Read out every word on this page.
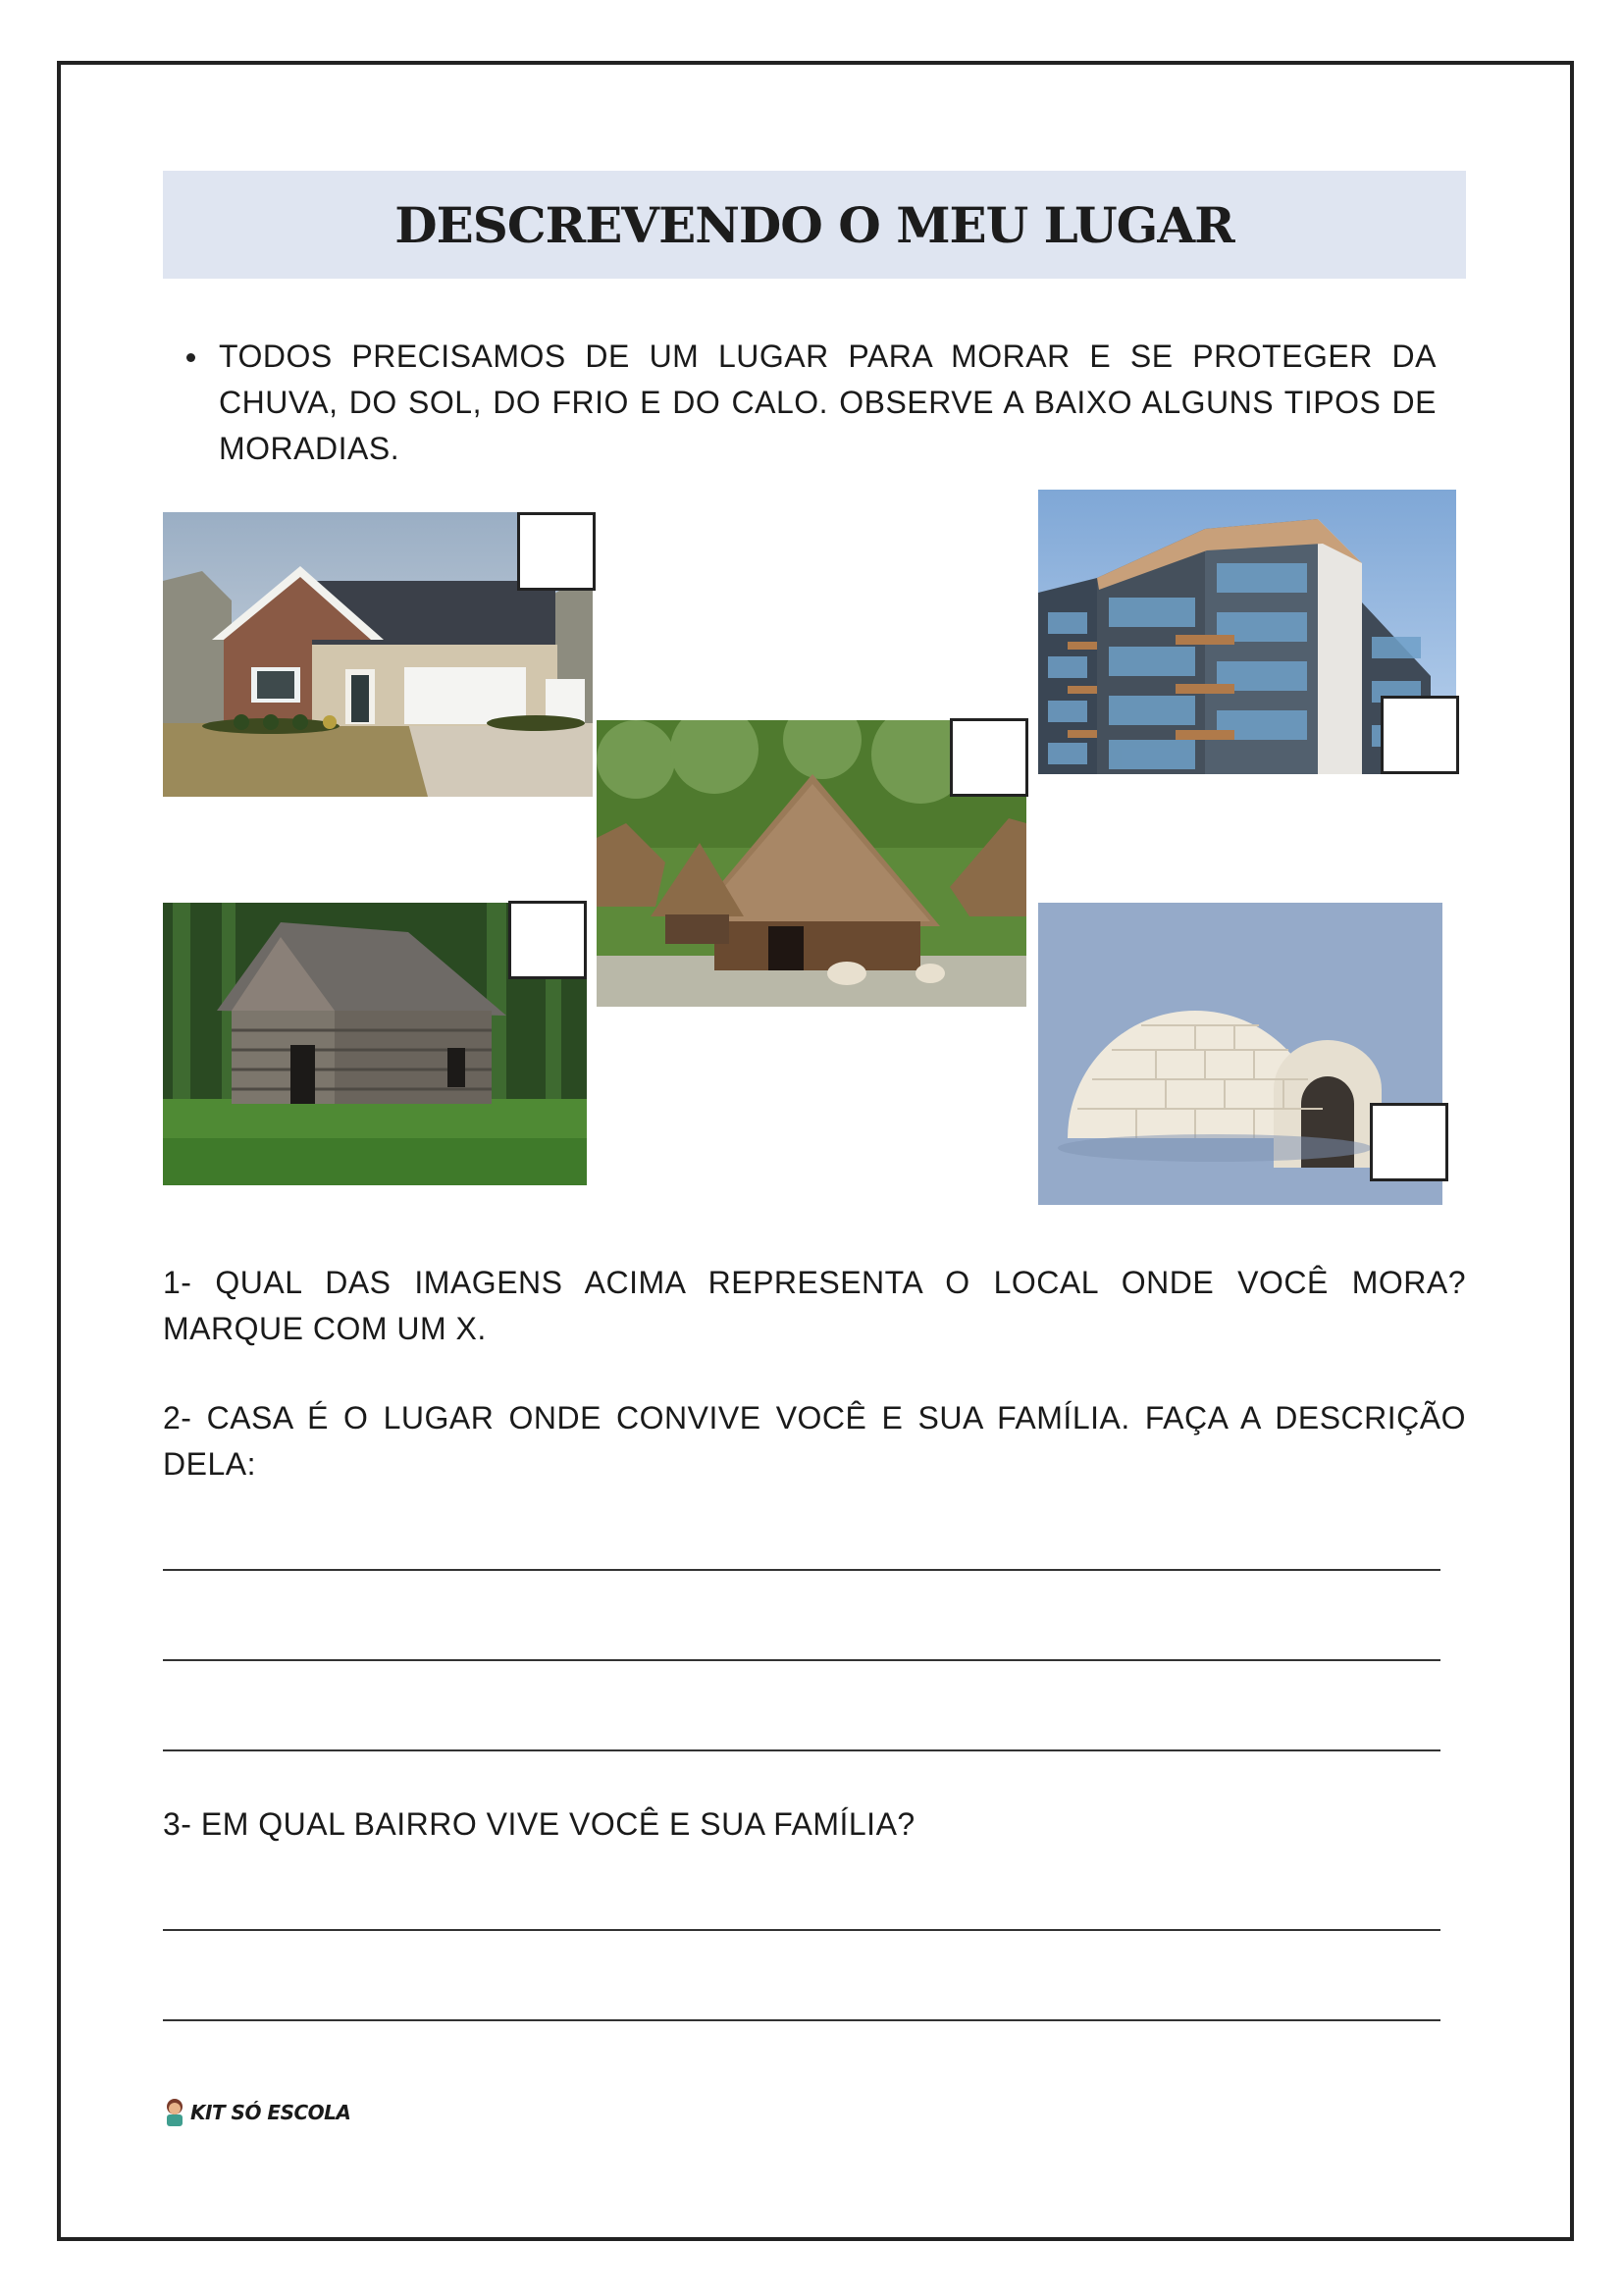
DESCREVENDO O MEU LUGAR
TODOS PRECISAMOS DE UM LUGAR PARA MORAR E SE PROTEGER DA CHUVA, DO SOL, DO FRIO E DO CALO. OBSERVE A BAIXO ALGUNS TIPOS DE MORADIAS.

1- QUAL DAS IMAGENS ACIMA REPRESENTA O LOCAL ONDE VOCÊ MORA? MARQUE COM UM X.

2- CASA É O LUGAR ONDE CONVIVE VOCÊ E SUA FAMÍLIA. FAÇA A DESCRIÇÃO DELA:

3- EM QUAL BAIRRO VIVE VOCÊ E SUA FAMÍLIA?

KIT SÓ ESCOLA
